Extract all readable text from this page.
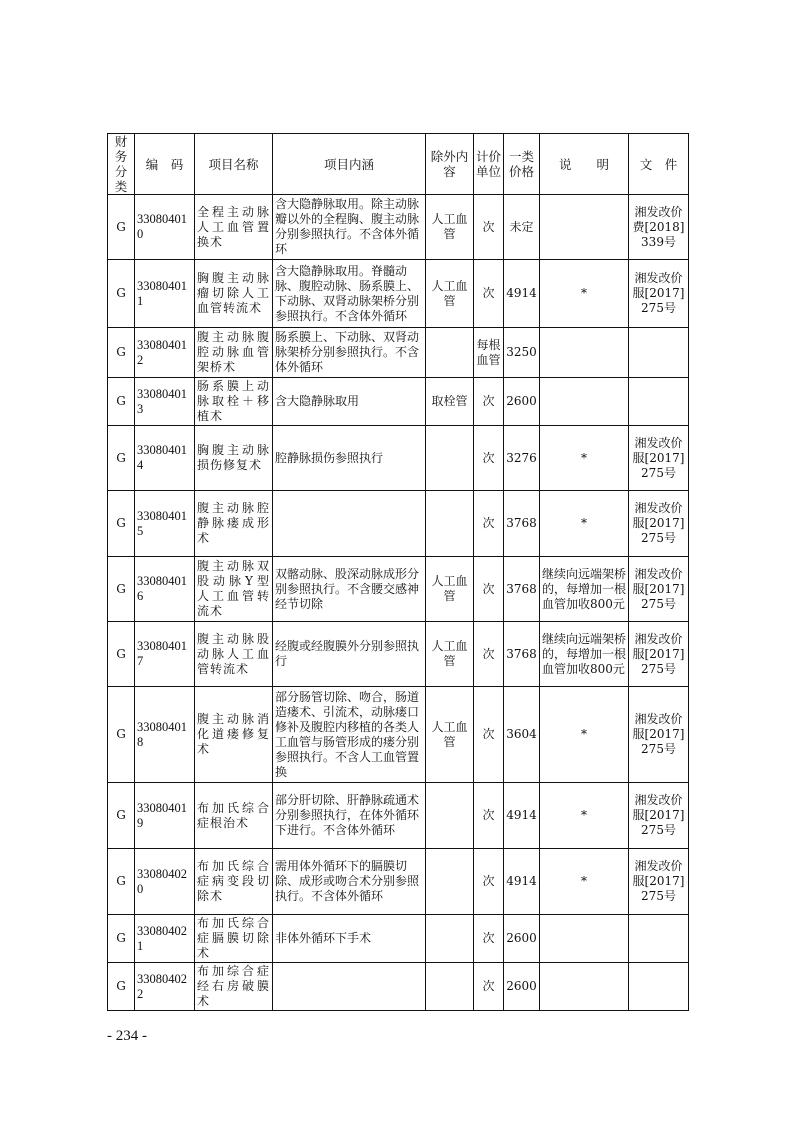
财务分类	编　码	项目名称	项目内涵	除外内容	计价单位	一类价格	说　　明	文　件
G	330804010	全程主动脉人工血管置换术	含大隐静脉取用。除主动脉瓣以外的全程胸、腹主动脉分别参照执行。不含体外循环	人工血管	次	未定		湘发改价费[2018]339号
G	330804011	胸腹主动脉瘤切除人工血管转流术	含大隐静脉取用。脊髓动脉、腹腔动脉、肠系膜上、下动脉、双肾动脉架桥分别参照执行。不含体外循环	人工血管	次	4914	*	湘发改价服[2017]275号
G	330804012	腹主动脉腹腔动脉血管架桥术	肠系膜上、下动脉、双肾动脉架桥分别参照执行。不含体外循环		每根血管	3250		
G	330804013	肠系膜上动脉取栓＋移植术	含大隐静脉取用	取栓管	次	2600		
G	330804014	胸腹主动脉损伤修复术	腔静脉损伤参照执行		次	3276	*	湘发改价服[2017]275号
G	330804015	腹主动脉腔静脉瘘成形术			次	3768	*	湘发改价服[2017]275号
G	330804016	腹主动脉双股动脉Y型人工血管转流术	双髂动脉、股深动脉成形分别参照执行。不含腰交感神经节切除	人工血管	次	3768	继续向远端架桥的，每增加一根血管加收800元	湘发改价服[2017]275号
G	330804017	腹主动脉股动脉人工血管转流术	经腹或经腹膜外分别参照执行	人工血管	次	3768	继续向远端架桥的，每增加一根血管加收800元	湘发改价服[2017]275号
G	330804018	腹主动脉消化道瘘修复术	部分肠管切除、吻合，肠道造瘘术、引流术，动脉瘘口修补及腹腔内移植的各类人工血管与肠管形成的瘘分别参照执行。不含人工血管置换	人工血管	次	3604	*	湘发改价服[2017]275号
G	330804019	布加氏综合症根治术	部分肝切除、肝静脉疏通术分别参照执行，在体外循环下进行。不含体外循环		次	4914	*	湘发改价服[2017]275号
G	330804020	布加氏综合症病变段切除术	需用体外循环下的膈膜切除、成形或吻合术分别参照执行。不含体外循环		次	4914	*	湘发改价服[2017]275号
G	330804021	布加氏综合症膈膜切除术	非体外循环下手术		次	2600		
G	330804022	布加综合症经右房破膜术			次	2600		
- 234 -
